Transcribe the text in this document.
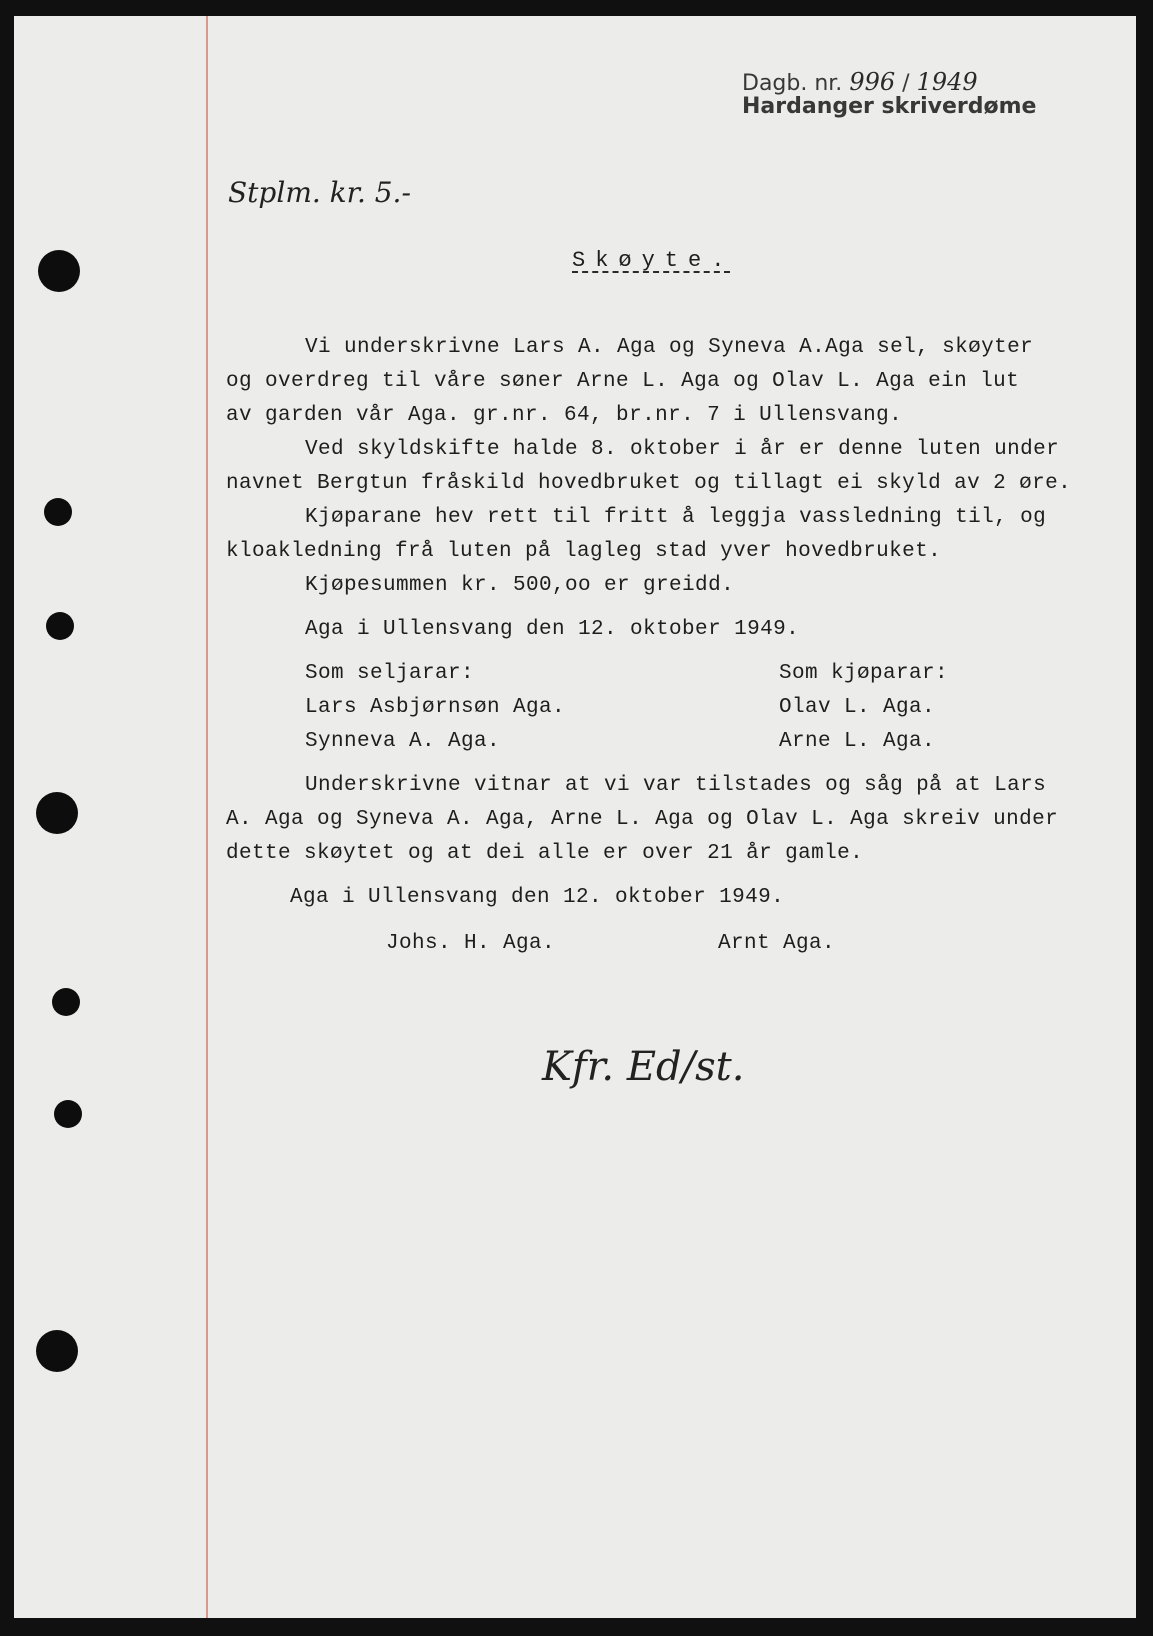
Dagb. nr. 996 / 1949
Hardanger skriverdøme
Stplm. kr. 5.-
Skøyte.
Vi underskrivne Lars A. Aga og Syneva A.Aga sel, skøyter
og overdreg til våre søner Arne L. Aga og Olav L. Aga ein lut
av garden vår Aga. gr.nr. 64, br.nr. 7 i Ullensvang.
Ved skyldskifte halde 8. oktober i år er denne luten under
navnet Bergtun fråskild hovedbruket og tillagt ei skyld av 2 øre.
Kjøparane hev rett til fritt å leggja vassledning til, og
kloakledning frå luten på lagleg stad yver hovedbruket.
Kjøpesummen kr. 500,oo er greidd.
Aga i Ullensvang den 12. oktober 1949.
Som seljarar:
Lars Asbjørnsøn Aga.
Synneva A. Aga.
Som kjøparar:
Olav L. Aga.
Arne L. Aga.
Underskrivne vitnar at vi var tilstades og såg på at Lars
A. Aga og Syneva A. Aga, Arne L. Aga og Olav L. Aga skreiv under
dette skøytet og at dei alle er over 21 år gamle.
Aga i Ullensvang den 12. oktober 1949.
Johs. H. Aga.	Arnt Aga.
Kfr. Ed/st.
